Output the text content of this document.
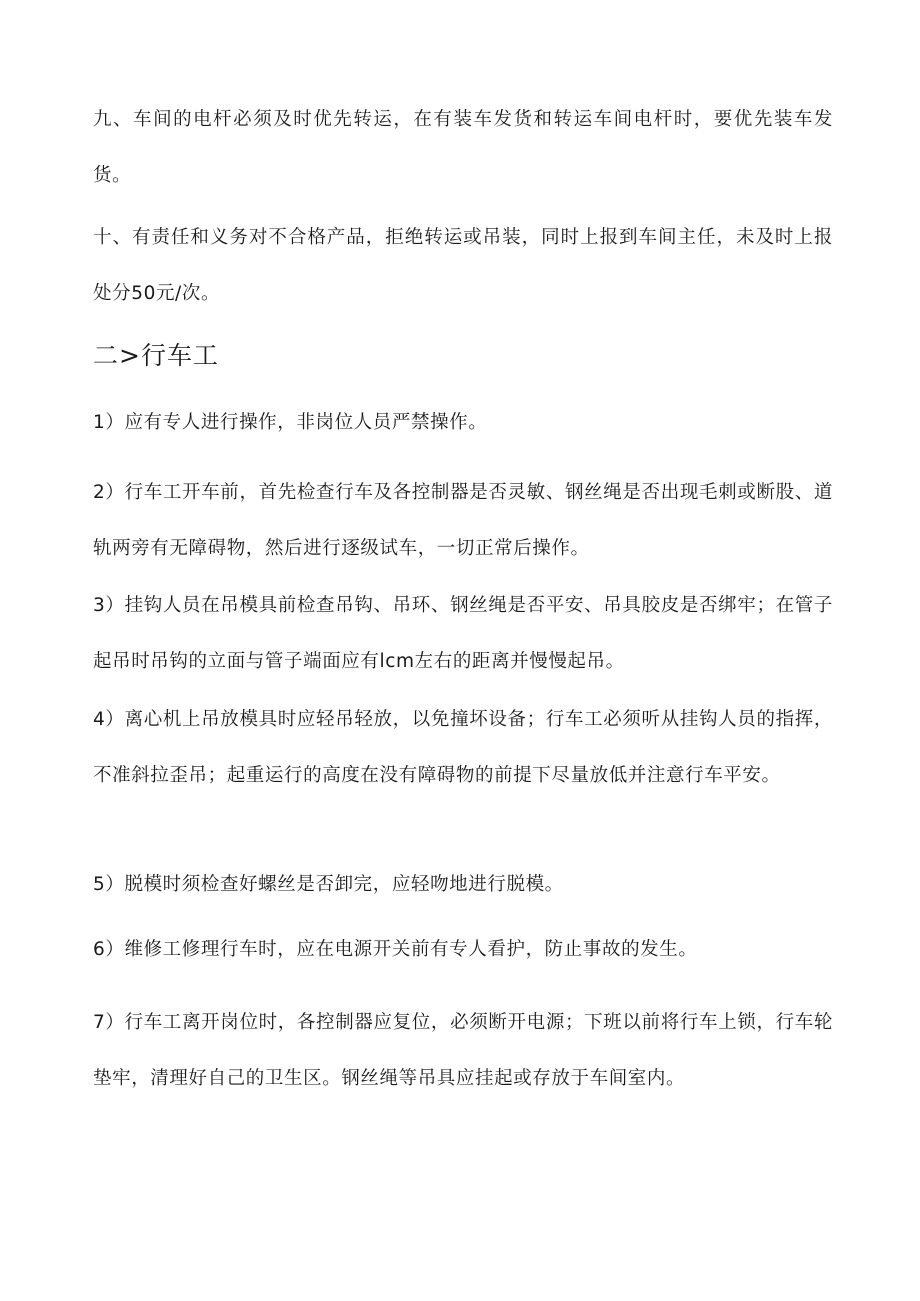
九、车间的电杆必须及时优先转运，在有装车发货和转运车间电杆时，要优先装车发货。

十、有责任和义务对不合格产品，拒绝转运或吊装，同时上报到车间主任，未及时上报处分50元/次。

二>行车工

1）应有专人进行操作，非岗位人员严禁操作。

2）行车工开车前，首先检查行车及各控制器是否灵敏、钢丝绳是否出现毛刺或断股、道轨两旁有无障碍物，然后进行逐级试车，一切正常后操作。

3）挂钩人员在吊模具前检查吊钩、吊环、钢丝绳是否平安、吊具胶皮是否绑牢；在管子起吊时吊钩的立面与管子端面应有lcm左右的距离并慢慢起吊。

4）离心机上吊放模具时应轻吊轻放，以免撞坏设备；行车工必须听从挂钩人员的指挥，不准斜拉歪吊；起重运行的高度在没有障碍物的前提下尽量放低并注意行车平安。

5）脱模时须检查好螺丝是否卸完，应轻吻地进行脱模。

6）维修工修理行车时，应在电源开关前有专人看护，防止事故的发生。

7）行车工离开岗位时，各控制器应复位，必须断开电源；下班以前将行车上锁，行车轮垫牢，清理好自己的卫生区。钢丝绳等吊具应挂起或存放于车间室内。
